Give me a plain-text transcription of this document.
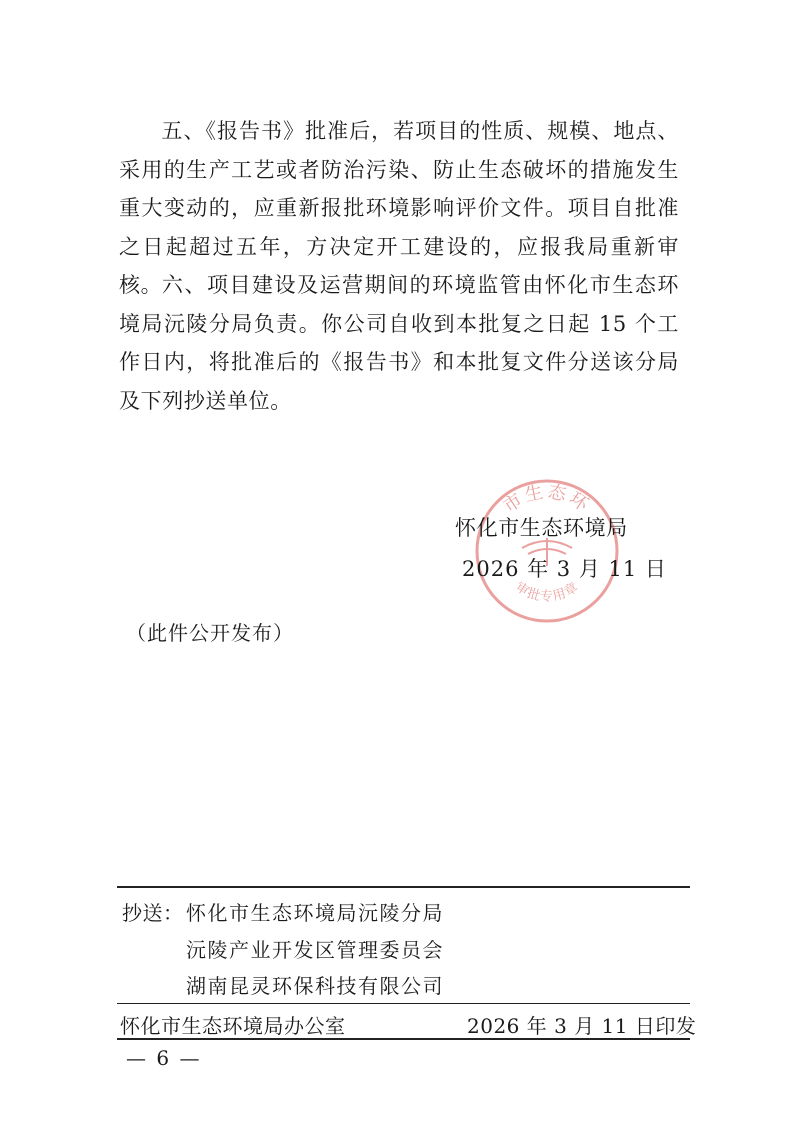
五、《报告书》批准后，若项目的性质、规模、地点、采用的生产工艺或者防治污染、防止生态破坏的措施发生重大变动的，应重新报批环境影响评价文件。项目自批准之日起超过五年，方决定开工建设的，应报我局重新审核。

六、项目建设及运营期间的环境监管由怀化市生态环境局沅陵分局负责。你公司自收到本批复之日起 15 个工作日内，将批准后的《报告书》和本批复文件分送该分局及下列抄送单位。

市生态环
审批专用章
怀化市生态环境局
2026 年 3 月 11 日
（此件公开发布）
抄送： 怀化市生态环境局沅陵分局
沅陵产业开发区管理委员会
湖南昆灵环保科技有限公司
怀化市生态环境局办公室	2026 年 3 月 11 日印发
— 6 —
